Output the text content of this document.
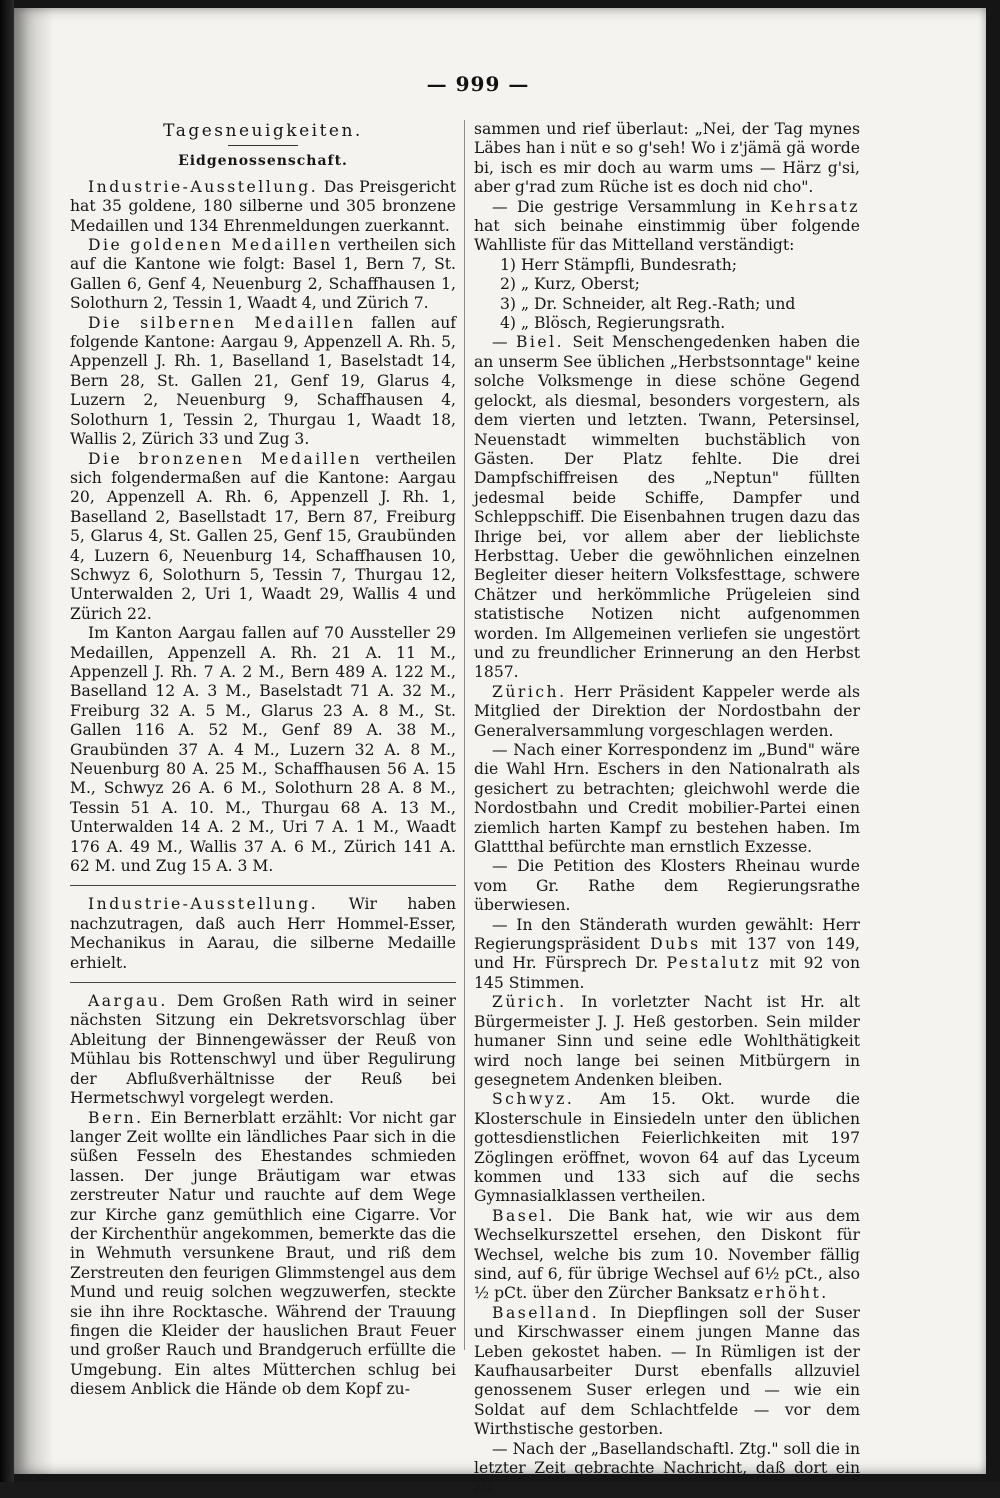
— 999 —
Tagesneuigkeiten.
Eidgenossenschaft.

Industrie-Ausstellung. Das Preisgericht hat 35 goldene, 180 silberne und 305 bronzene Medaillen und 134 Ehrenmeldungen zuerkannt.

Die goldenen Medaillen vertheilen sich auf die Kantone wie folgt: Basel 1, Bern 7, St. Gallen 6, Genf 4, Neuenburg 2, Schaffhausen 1, Solothurn 2, Tessin 1, Waadt 4, und Zürich 7.

Die silbernen Medaillen fallen auf folgende Kantone: Aargau 9, Appenzell A. Rh. 5, Appenzell J. Rh. 1, Baselland 1, Baselstadt 14, Bern 28, St. Gallen 21, Genf 19, Glarus 4, Luzern 2, Neuenburg 9, Schaffhausen 4, Solothurn 1, Tessin 2, Thurgau 1, Waadt 18, Wallis 2, Zürich 33 und Zug 3.

Die bronzenen Medaillen vertheilen sich folgendermaßen auf die Kantone: Aargau 20, Appenzell A. Rh. 6, Appenzell J. Rh. 1, Baselland 2, Basellstadt 17, Bern 87, Freiburg 5, Glarus 4, St. Gallen 25, Genf 15, Graubünden 4, Luzern 6, Neuenburg 14, Schaffhausen 10, Schwyz 6, Solothurn 5, Tessin 7, Thurgau 12, Unterwalden 2, Uri 1, Waadt 29, Wallis 4 und Zürich 22.

Im Kanton Aargau fallen auf 70 Aussteller 29 Medaillen, Appenzell A. Rh. 21 A. 11 M., Appenzell J. Rh. 7 A. 2 M., Bern 489 A. 122 M., Baselland 12 A. 3 M., Baselstadt 71 A. 32 M., Freiburg 32 A. 5 M., Glarus 23 A. 8 M., St. Gallen 116 A. 52 M., Genf 89 A. 38 M., Graubünden 37 A. 4 M., Luzern 32 A. 8 M., Neuenburg 80 A. 25 M., Schaffhausen 56 A. 15 M., Schwyz 26 A. 6 M., Solothurn 28 A. 8 M., Tessin 51 A. 10. M., Thurgau 68 A. 13 M., Unterwalden 14 A. 2 M., Uri 7 A. 1 M., Waadt 176 A. 49 M., Wallis 37 A. 6 M., Zürich 141 A. 62 M. und Zug 15 A. 3 M.

Industrie-Ausstellung. Wir haben nachzutragen, daß auch Herr Hommel-Esser, Mechanikus in Aarau, die silberne Medaille erhielt.

Aargau. Dem Großen Rath wird in seiner nächsten Sitzung ein Dekretsvorschlag über Ableitung der Binnengewässer der Reuß von Mühlau bis Rottenschwyl und über Regulirung der Abflußverhältnisse der Reuß bei Hermetschwyl vorgelegt werden.

Bern. Ein Bernerblatt erzählt: Vor nicht gar langer Zeit wollte ein ländliches Paar sich in die süßen Fesseln des Ehestandes schmieden lassen. Der junge Bräutigam war etwas zerstreuter Natur und rauchte auf dem Wege zur Kirche ganz gemüthlich eine Cigarre. Vor der Kirchenthür angekommen, bemerkte das die in Wehmuth versunkene Braut, und riß dem Zerstreuten den feurigen Glimmstengel aus dem Mund und reuig solchen wegzuwerfen, steckte sie ihn ihre Rocktasche. Während der Trauung fingen die Kleider der hauslichen Braut Feuer und großer Rauch und Brandgeruch erfüllte die Umgebung. Ein altes Mütterchen schlug bei diesem Anblick die Hände ob dem Kopf zu-

sammen und rief überlaut: „Nei, der Tag mynes Läbes han i nüt e so g'seh! Wo i z'jämä gä worde bi, isch es mir doch au warm ums — Härz g'si, aber g'rad zum Rüche ist es doch nid cho".

— Die gestrige Versammlung in Kehrsatz hat sich beinahe einstimmig über folgende Wahlliste für das Mittelland verständigt:

1) Herr Stämpfli, Bundesrath;

2) „ Kurz, Oberst;

3) „ Dr. Schneider, alt Reg.-Rath; und

4) „ Blösch, Regierungsrath.

— Biel. Seit Menschengedenken haben die an unserm See üblichen „Herbstsonntage" keine solche Volksmenge in diese schöne Gegend gelockt, als diesmal, besonders vorgestern, als dem vierten und letzten. Twann, Petersinsel, Neuenstadt wimmelten buchstäblich von Gästen. Der Platz fehlte. Die drei Dampfschiffreisen des „Neptun" füllten jedesmal beide Schiffe, Dampfer und Schleppschiff. Die Eisenbahnen trugen dazu das Ihrige bei, vor allem aber der lieblichste Herbsttag. Ueber die gewöhnlichen einzelnen Begleiter dieser heitern Volksfesttage, schwere Chätzer und herkömmliche Prügeleien sind statistische Notizen nicht aufgenommen worden. Im Allgemeinen verliefen sie ungestört und zu freundlicher Erinnerung an den Herbst 1857.

Zürich. Herr Präsident Kappeler werde als Mitglied der Direktion der Nordostbahn der Generalversammlung vorgeschlagen werden.

— Nach einer Korrespondenz im „Bund" wäre die Wahl Hrn. Eschers in den Nationalrath als gesichert zu betrachten; gleichwohl werde die Nordostbahn und Credit mobilier-Partei einen ziemlich harten Kampf zu bestehen haben. Im Glattthal befürchte man ernstlich Exzesse.

— Die Petition des Klosters Rheinau wurde vom Gr. Rathe dem Regierungsrathe überwiesen.

— In den Ständerath wurden gewählt: Herr Regierungspräsident Dubs mit 137 von 149, und Hr. Fürsprech Dr. Pestalutz mit 92 von 145 Stimmen.

Zürich. In vorletzter Nacht ist Hr. alt Bürgermeister J. J. Heß gestorben. Sein milder humaner Sinn und seine edle Wohlthätigkeit wird noch lange bei seinen Mitbürgern in gesegnetem Andenken bleiben.

Schwyz. Am 15. Okt. wurde die Klosterschule in Einsiedeln unter den üblichen gottesdienstlichen Feierlichkeiten mit 197 Zöglingen eröffnet, wovon 64 auf das Lyceum kommen und 133 sich auf die sechs Gymnasialklassen vertheilen.

Basel. Die Bank hat, wie wir aus dem Wechselkurszettel ersehen, den Diskont für Wechsel, welche bis zum 10. November fällig sind, auf 6, für übrige Wechsel auf 6½ pCt., also ½ pCt. über den Zürcher Banksatz erhöht.

Baselland. In Diepflingen soll der Suser und Kirschwasser einem jungen Manne das Leben gekostet haben. — In Rümligen ist der Kaufhausarbeiter Durst ebenfalls allzuviel genossenem Suser erlegen und — wie ein Soldat auf dem Schlachtfelde — vor dem Wirthstische gestorben.

— Nach der „Basellandschaftl. Ztg." soll die in letzter Zeit gebrachte Nachricht, daß dort ein zu
